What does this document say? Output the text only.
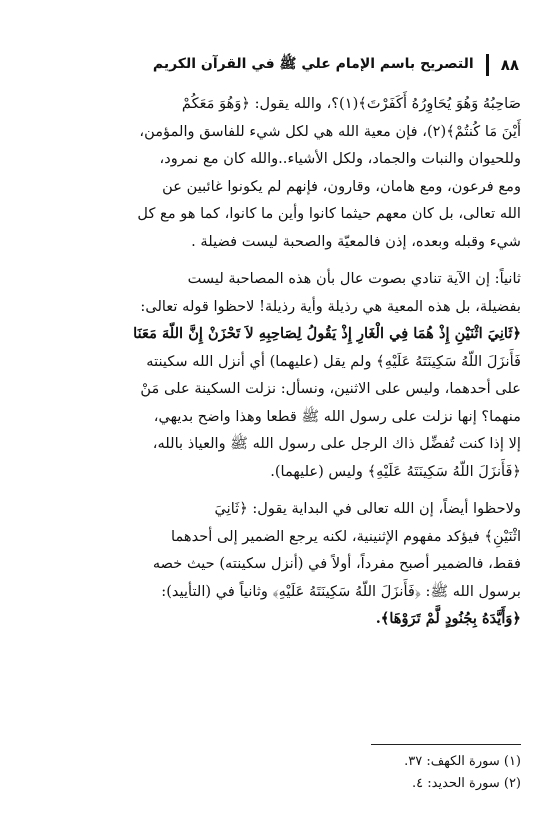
التصريح باسم الإمام علي ﷺ في القرآن الكريم ٨٨

صَاحِبُهُ وَهُوَ يُحَاوِرُهُ أَكَفَرْتَ﴾(١)؟، والله يقول: ﴿وَهُوَ مَعَكُمْ

أَيْنَ مَا كُنتُمْ﴾(٢)، فإن معية الله هي لكل شيء للفاسق والمؤمن،

وللحيوان والنبات والجماد، ولكل الأشياء..والله كان مع نمرود،

ومع فرعون، ومع هامان، وقارون، فإنهم لم يكونوا غائبين عن

الله تعالى، بل كان معهم حيثما كانوا وأين ما كانوا، كما هو مع كل

شيء وقبله وبعده، إذن فالمعيّة والصحبة ليست فضيلة .

ثانياً: إن الآية تنادي بصوت عال بأن هذه المصاحبة ليست

بفضيلة، بل هذه المعية هي رذيلة وأية رذيلة! لاحظوا قوله تعالى:

﴿ثَانِيَ اثْنَيْنِ إِذْ هُمَا فِي الْغَارِ إِذْ يَقُولُ لِصَاحِبِهِ لاَ تَحْزَنْ إِنَّ اللّهَ مَعَنَا

فَأَنزَلَ اللّهُ سَكِينَتَهُ عَلَيْهِ﴾ ولم يقل (عليهما) أي أنزل الله سكينته

على أحدهما، وليس على الاثنين، ونسأل: نزلت السكينة على مَنْ

منهما؟ إنها نزلت على رسول الله ﷺ قطعا وهذا واضح بديهي،

إلا إذا كنت تُفضِّل ذاك الرجل على رسول الله ﷺ والعياذ بالله،

﴿فَأَنزَلَ اللّهُ سَكِينَتَهُ عَلَيْهِ﴾ وليس (عليهما).

ولاحظوا أيضاً، إن الله تعالى في البداية يقول: ﴿ثَانِيَ

اثْنَيْنِ﴾ فيؤكد مفهوم الإثنينية، لكنه يرجع الضمير إلى أحدهما

فقط، فالضمير أصبح مفرداً، أولاً في (أنزل سكينته) حيث خصه

برسول الله ﷺ: ﴿فَأَنزَلَ اللّهُ سَكِينَتَهُ عَلَيْهِ﴾ وثانياً في (التأييد):

﴿وَأَيَّدَهُ بِجُنُودٍ لَّمْ تَرَوْهَا﴾.

(١) سورة الكهف: ٣٧.

(٢) سورة الحديد: ٤.
